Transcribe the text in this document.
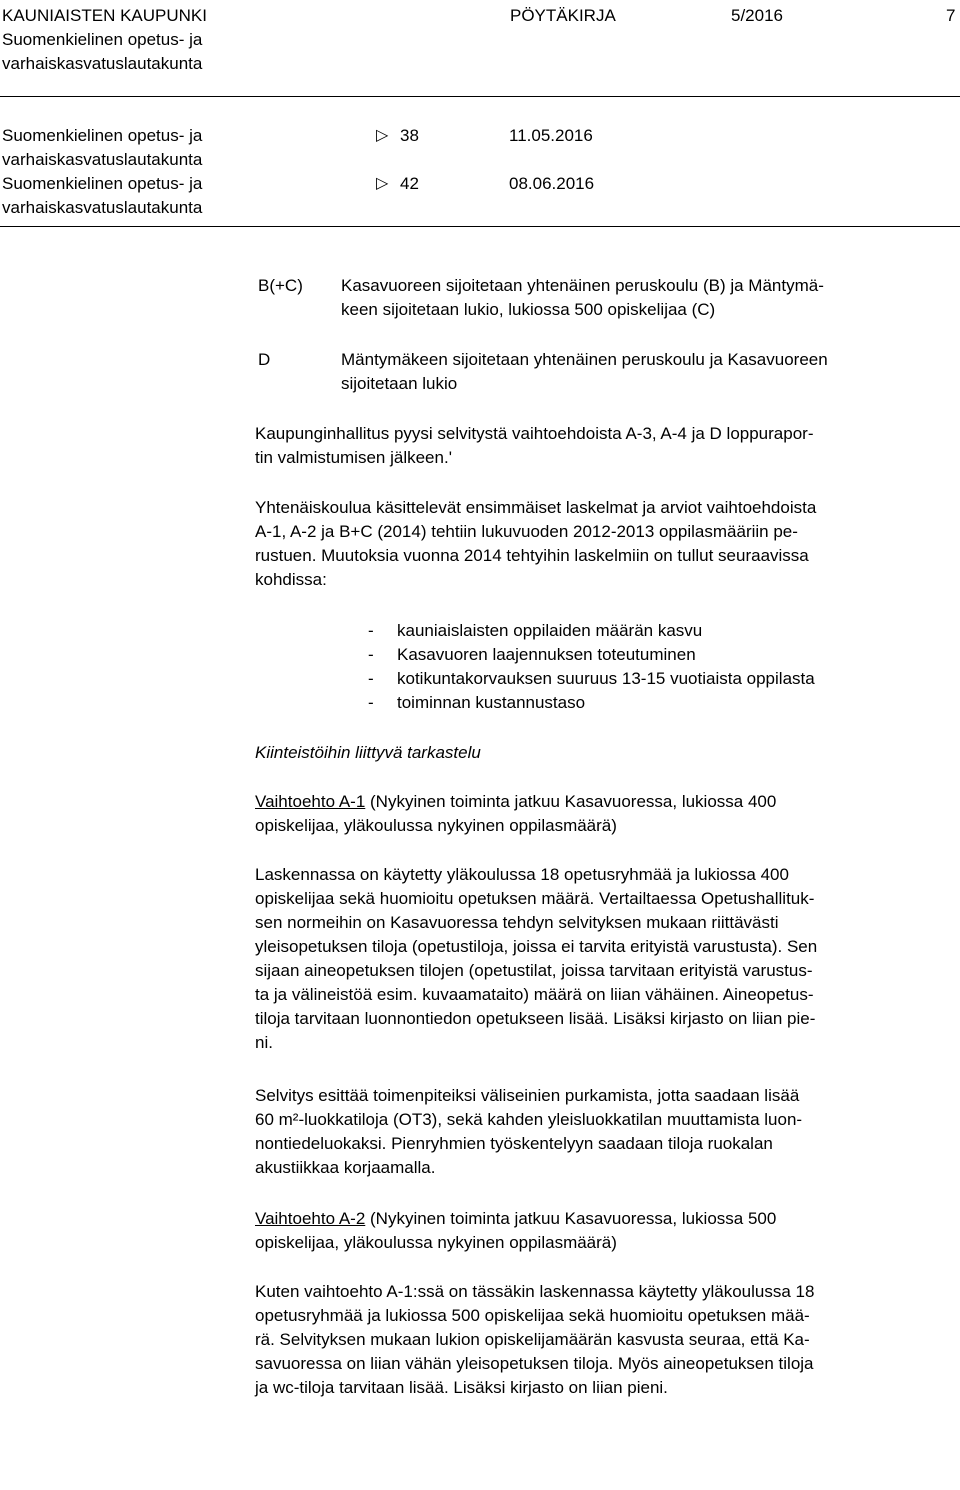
KAUNIAISTEN KAUPUNKI
Suomenkielinen opetus- ja
varhaiskasvatuslautakunta
PÖYTÄKIRJA	5/2016	7
Suomenkielinen opetus- ja
varhaiskasvatuslautakunta
▷ 38	11.05.2016
Suomenkielinen opetus- ja
varhaiskasvatuslautakunta
▷ 42	08.06.2016
B(+C) Kasavuoreen sijoitetaan yhtenäinen peruskoulu (B) ja Mäntymä-
keen sijoitetaan lukio, lukiossa 500 opiskelijaa (C)
D	Mäntymäkeen sijoitetaan yhtenäinen peruskoulu ja Kasavuoreen
sijoitetaan lukio
Kaupunginhallitus pyysi selvitystä vaihtoehdoista A-3, A-4 ja D loppurapor-
tin valmistumisen jälkeen.'
Yhtenäiskoulua käsittelevät ensimmäiset laskelmat ja arviot vaihtoehdoista
A-1, A-2 ja B+C (2014) tehtiin lukuvuoden 2012-2013 oppilasmääriin pe-
rustuen. Muutoksia vuonna 2014 tehtyihin laskelmiin on tullut seuraavissa
kohdissa:
- kauniaislaisten oppilaiden määrän kasvu
- Kasavuoren laajennuksen toteutuminen
- kotikuntakorvauksen suuruus 13-15 vuotiaista oppilasta
- toiminnan kustannustaso
Kiinteistöihin liittyvä tarkastelu
Vaihtoehto A-1 (Nykyinen toiminta jatkuu Kasavuoressa, lukiossa 400
opiskelijaa, yläkoulussa nykyinen oppilasmäärä)
Laskennassa on käytetty yläkoulussa 18 opetusryhmää ja lukiossa 400
opiskelijaa sekä huomioitu opetuksen määrä. Vertailtaessa Opetushallituk-
sen normeihin on Kasavuoressa tehdyn selvityksen mukaan riittävästi
yleisopetuksen tiloja (opetustiloja, joissa ei tarvita erityistä varustusta). Sen
sijaan aineopetuksen tilojen (opetustilat, joissa tarvitaan erityistä varustus-
ta ja välineistöä esim. kuvaamataito) määrä on liian vähäinen. Aineopetus-
tiloja tarvitaan luonnontiedon opetukseen lisää. Lisäksi kirjasto on liian pie-
ni.
Selvitys esittää toimenpiteiksi väliseinien purkamista, jotta saadaan lisää
60 m²-luokkatiloja (OT3), sekä kahden yleisluokkatilan muuttamista luon-
nontiedeluokaksi. Pienryhmien työskentelyyn saadaan tiloja ruokalan
akustiikkaa korjaamalla.
Vaihtoehto A-2 (Nykyinen toiminta jatkuu Kasavuoressa, lukiossa 500
opiskelijaa, yläkoulussa nykyinen oppilasmäärä)
Kuten vaihtoehto A-1:ssä on tässäkin laskennassa käytetty yläkoulussa 18
opetusryhmää ja lukiossa 500 opiskelijaa sekä huomioitu opetuksen mää-
rä. Selvityksen mukaan lukion opiskelijamäärän kasvusta seuraa, että Ka-
savuoressa on liian vähän yleisopetuksen tiloja. Myös aineopetuksen tiloja
ja wc-tiloja tarvitaan lisää. Lisäksi kirjasto on liian pieni.
